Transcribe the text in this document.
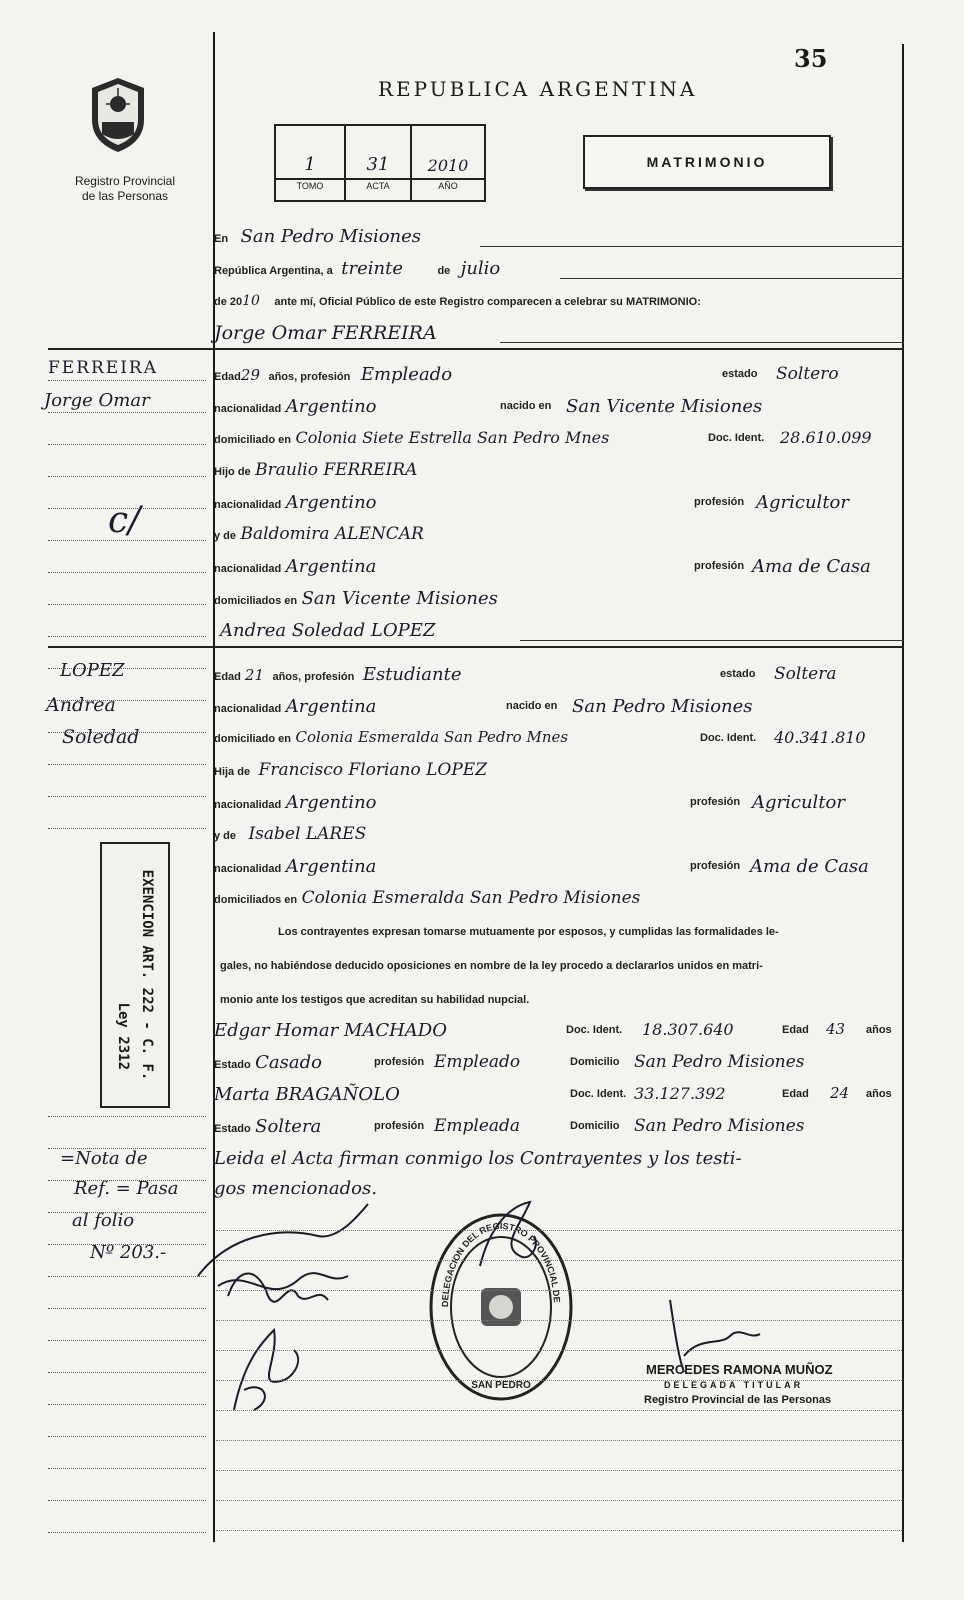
35
Registro Provincial
de las Personas
REPUBLICA ARGENTINA
1	31	2010
TOMO	ACTA	AÑO
MATRIMONIO
En San Pedro Misiones
República Argentina, a treinte	de julio
de 2010 ante mí, Oficial Público de este Registro comparecen a celebrar su MATRIMONIO:
Jorge Omar FERREIRA
Edad29 años, profesión Empleado	estado Soltero
nacionalidad Argentino	nacido en San Vicente Misiones
domiciliado en Colonia Siete Estrella San Pedro Mnes	Doc. Ident. 28.610.099
Hijo de Braulio FERREIRA
nacionalidad Argentino	profesión Agricultor
y de Baldomira ALENCAR
nacionalidad Argentina	profesión Ama de Casa
domiciliados en San Vicente Misiones
FERREIRA
Jorge Omar
c/
Andrea Soledad LOPEZ
Edad 21 años, profesión Estudiante	estado Soltera
nacionalidad Argentina	nacido en San Pedro Misiones
domiciliado en Colonia Esmeralda San Pedro Mnes	Doc. Ident. 40.341.810
Hija de Francisco Floriano LOPEZ
nacionalidad Argentino	profesión Agricultor
y de Isabel LARES
nacionalidad Argentina	profesión Ama de Casa
domiciliados en Colonia Esmeralda San Pedro Misiones
LOPEZ
Andrea
Soledad
EXENCION ART. 222 - C. F.
Ley 2312
Los contrayentes expresan tomarse mutuamente por esposos, y cumplidas las formalidades le-
gales, no habiéndose deducido oposiciones en nombre de la ley procedo a declararlos unidos en matri-
monio ante los testigos que acreditan su habilidad nupcial.
Edgar Homar MACHADO	Doc. Ident. 18.307.640	Edad 43 años
Estado Casado	profesión Empleado	Domicilio San Pedro Misiones
Marta BRAGAÑOLO	Doc. Ident. 33.127.392	Edad 24 años
Estado Soltera	profesión Empleada	Domicilio San Pedro Misiones
Leida el Acta firman conmigo los Contrayentes y los testi-
gos mencionados.
=Nota de
Ref. = Pasa
al folio
Nº 203.-
DELEGACION DEL REGISTRO PROVINCIAL DE
SAN PEDRO
MERCEDES RAMONA MUÑOZ
DELEGADA TITULAR
Registro Provincial de las Personas
